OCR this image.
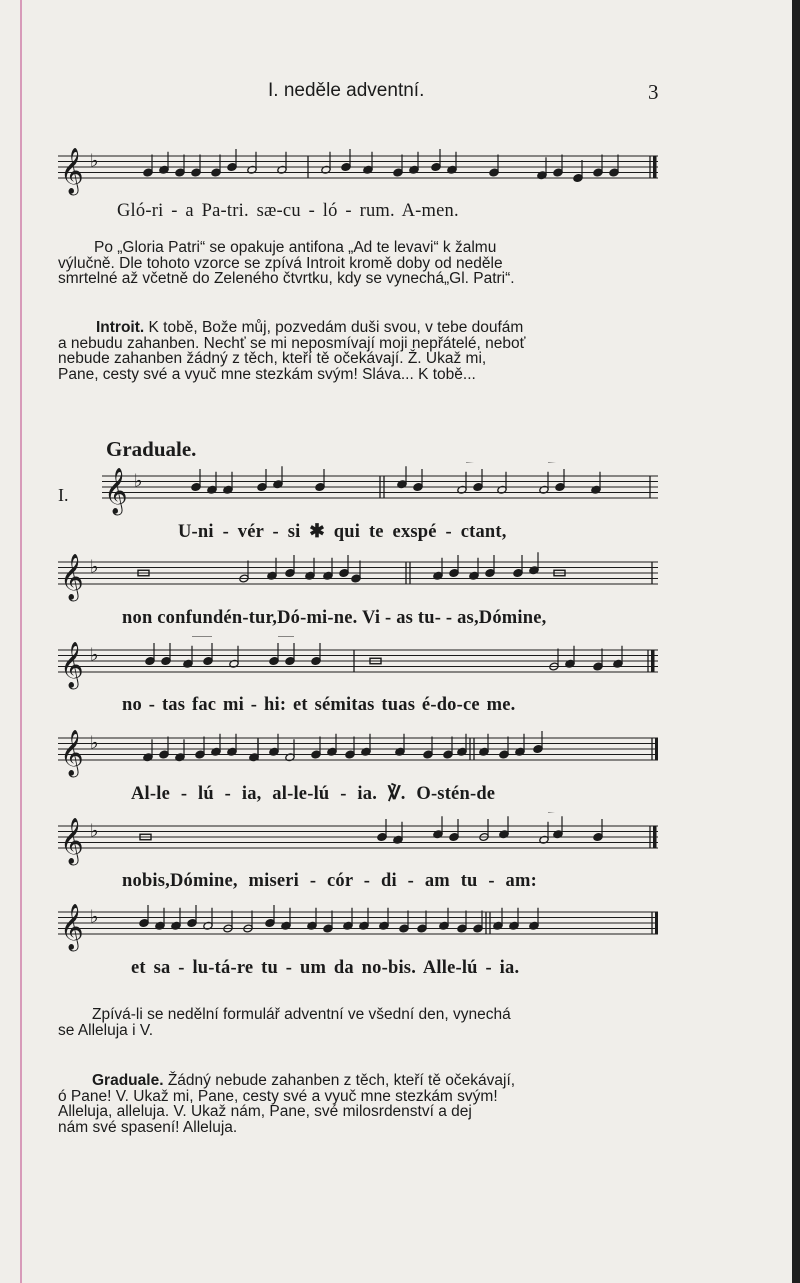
I. neděle adventní.	3
𝄞 ♭
Gló-ri - a Pa-tri. sæ-cu - ló - rum. A-men.
Po „Gloria Patri“ se opakuje antifona „Ad te levavi“ k žalmu
výlučně. Dle tohoto vzorce se zpívá Introit kromě doby od neděle
smrtelné až včetně do Zeleného čtvrtku, kdy se vynechá„Gl. Patri“.
Introit. K tobě, Bože můj, pozvedám duši svou, v tebe doufám
a nebudu zahanben. Nechť se mi neposmívají moji nepřátelé, neboť
nebude zahanben žádný z těch, kteří tě očekávají. Ž. Ukaž mi,
Pane, cesty své a vyuč mne stezkám svým! Sláva... K tobě...
Graduale.
I. 𝄞 ♭
U-ni - vér - si ✱ qui te exspé - ctant,
𝄞 ♭
non confundén-tur,Dó-mi-ne. Vi - as tu- - as,Dómine,
𝄞 ♭
no - tas fac mi - hi: et sémitas tuas é-do-ce me.
𝄞 ♭
Al-le - lú - ia, al-le-lú - ia. ℣. O-stén-de
𝄞 ♭
nobis,Dómine, miseri - cór - di - am tu - am:
𝄞 ♭
et sa - lu-tá-re tu - um da no-bis. Alle-lú - ia.
Zpívá-li se nedělní formulář adventní ve všední den, vynechá
se Alleluja i V.
Graduale. Žádný nebude zahanben z těch, kteří tě očekávají,
ó Pane! V. Ukaž mi, Pane, cesty své a vyuč mne stezkám svým!
Alleluja, alleluja. V. Ukaž nám, Pane, své milosrdenství a dej
nám své spasení! Alleluja.
